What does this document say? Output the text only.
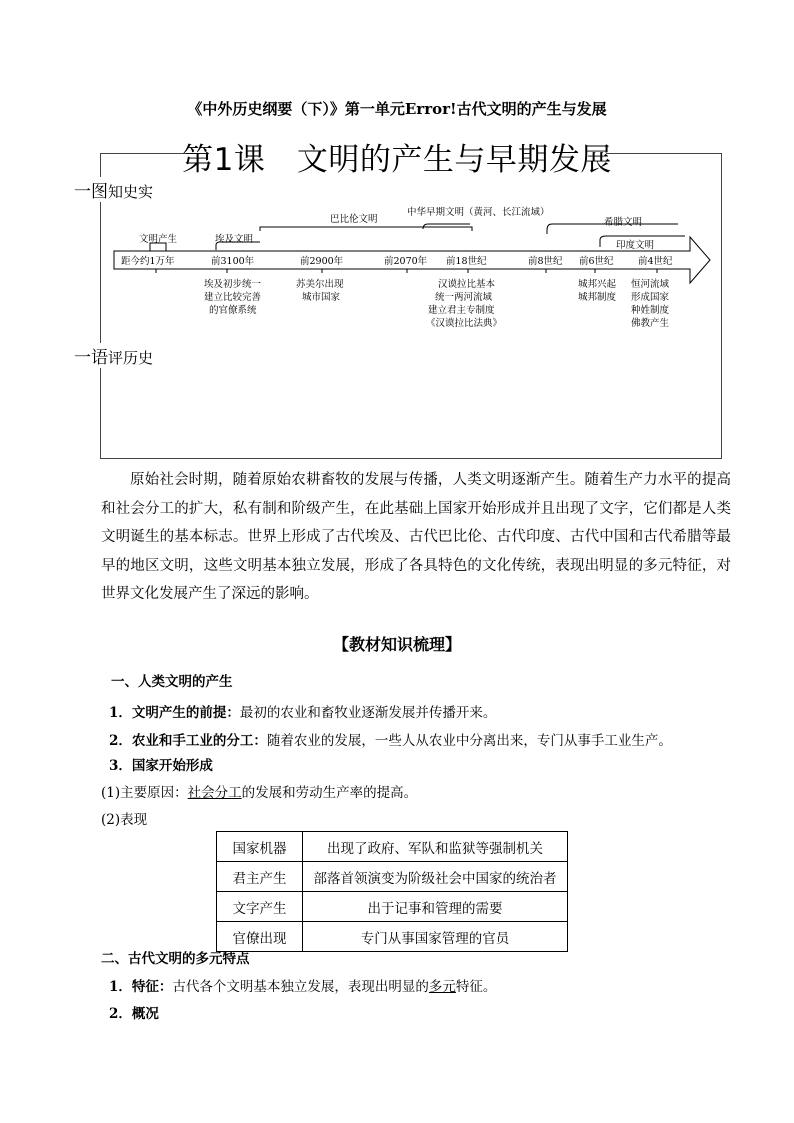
《中外历史纲要（下）》第一单元Error!古代文明的产生与发展
第1课　文明的产生与早期发展
一图知史实
文明产生	埃及文明
巴比伦文明
中华早期文明（黄河、长江流域）
希腊文明
印度文明
距今约1万年	前3100年	前2900年	前2070年 前18世纪	前8世纪 前6世纪	前4世纪
埃及初步统一
建立比较完善
的官僚系统
苏美尔出现
城市国家
汉谟拉比基本
统一两河流域
建立君主专制度
《汉谟拉比法典》
城邦兴起
城邦制度
恒河流域
形成国家
种姓制度
佛教产生
一语评历史
原始社会时期，随着原始农耕畜牧的发展与传播，人类文明逐渐产生。随着生产力水平的提高和社会分工的扩大，私有制和阶级产生，在此基础上国家开始形成并且出现了文字，它们都是人类文明诞生的基本标志。世界上形成了古代埃及、古代巴比伦、古代印度、古代中国和古代希腊等最早的地区文明，这些文明基本独立发展，形成了各具特色的文化传统，表现出明显的多元特征，对世界文化发展产生了深远的影响。
【教材知识梳理】
一、人类文明的产生
1．文明产生的前提：最初的农业和畜牧业逐渐发展并传播开来。
2．农业和手工业的分工：随着农业的发展，一些人从农业中分离出来，专门从事手工业生产。
3．国家开始形成
(1)主要原因：社会分工的发展和劳动生产率的提高。
(2)表现
国家机器	出现了政府、军队和监狱等强制机关
君主产生	部落首领演变为阶级社会中国家的统治者
文字产生	出于记事和管理的需要
官僚出现	专门从事国家管理的官员
二、古代文明的多元特点
1．特征：古代各个文明基本独立发展，表现出明显的多元特征。
2．概况
